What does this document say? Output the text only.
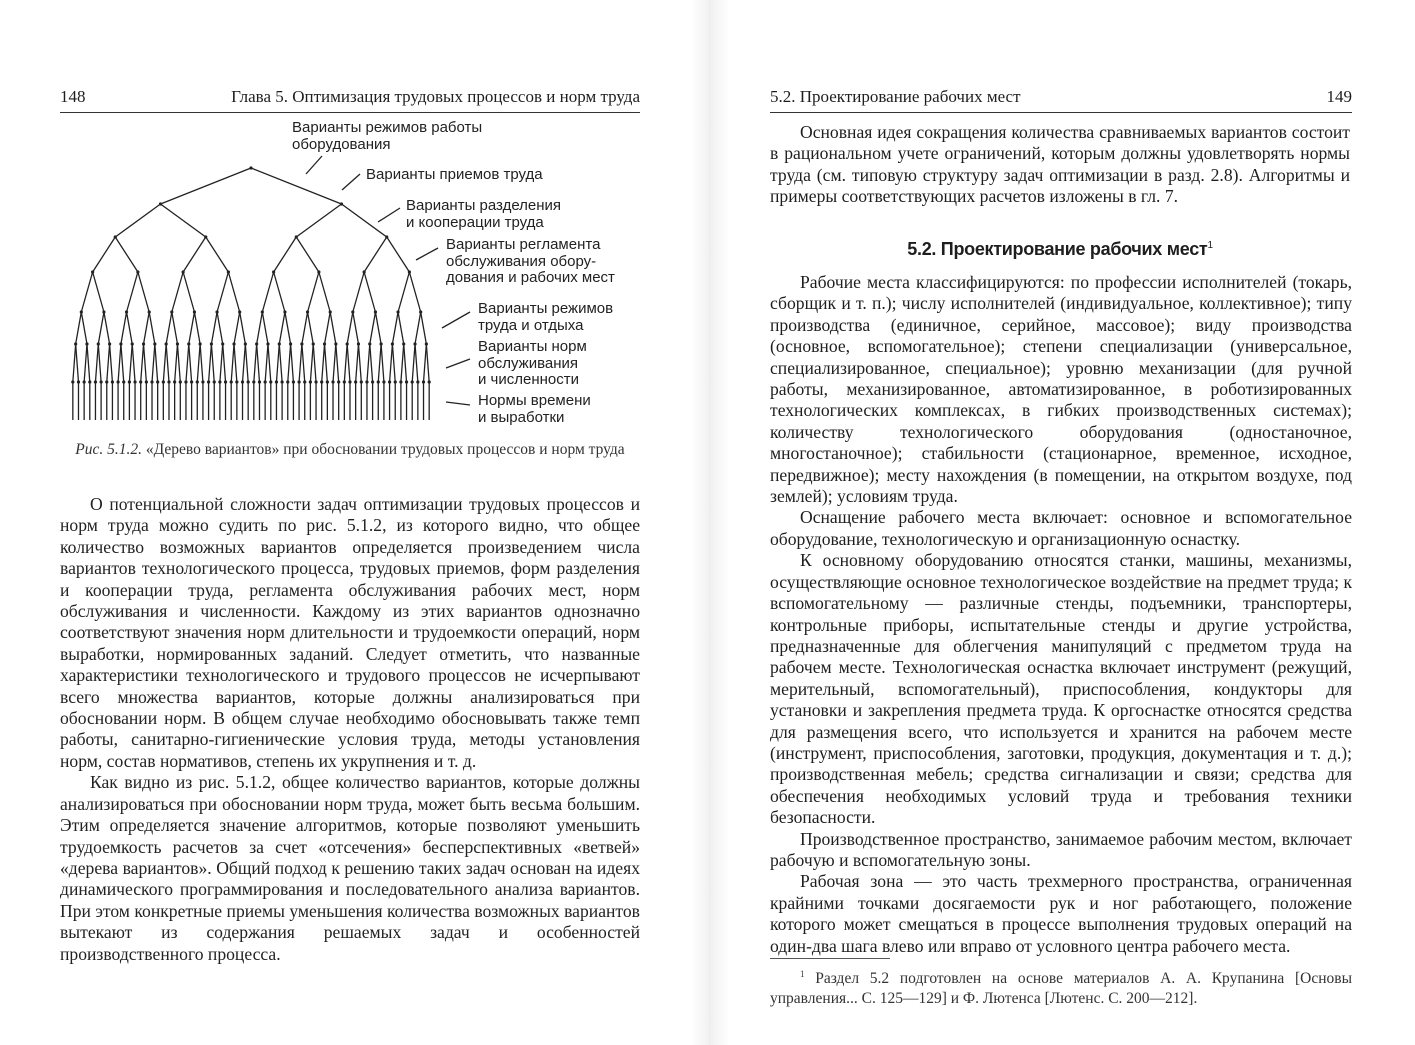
148	Глава 5. Оптимизация трудовых процессов и норм труда
Варианты режимов работы
оборудования
Варианты приемов труда
Варианты разделения
и кооперации труда
Варианты регламента
обслуживания обору-
дования и рабочих мест
Варианты режимов
труда и отдыха
Варианты норм
обслуживания
и численности
Нормы времени
и выработки
Рис. 5.1.2. «Дерево вариантов» при обосновании трудовых процессов и норм труда

О потенциальной сложности задач оптимизации трудовых процессов и норм труда можно судить по рис. 5.1.2, из которого видно, что общее количество возможных вариантов определяется произведением числа вариантов технологического процесса, трудовых приемов, форм разделения и кооперации труда, регламента обслуживания рабочих мест, норм обслуживания и численности. Каждому из этих вариантов однозначно соответствуют значения норм длительности и трудоемкости операций, норм выработки, нормированных заданий. Следует отметить, что названные характеристики технологического и трудового процессов не исчерпывают всего множества вариантов, которые должны анализироваться при обосновании норм. В общем случае необходимо обосновывать также темп работы, санитарно-гигиенические условия труда, методы установления норм, состав нормативов, степень их укрупнения и т. д.

Как видно из рис. 5.1.2, общее количество вариантов, которые должны анализироваться при обосновании норм труда, может быть весьма большим. Этим определяется значение алгоритмов, которые позволяют уменьшить трудоемкость расчетов за счет «отсечения» бесперспективных «ветвей» «дерева вариантов». Общий подход к решению таких задач основан на идеях динамического программирования и последовательного анализа вариантов. При этом конкретные приемы уменьшения количества возможных вариантов вытекают из содержания решаемых задач и особенностей производственного процесса.

5.2. Проектирование рабочих мест	149

Основная идея сокращения количества сравниваемых вариантов состоит в рациональном учете ограничений, которым должны удовлетворять нормы труда (см. типовую структуру задач оптимизации в разд. 2.8). Алгоритмы и примеры соответствующих расчетов изложены в гл. 7.

5.2. Проектирование рабочих мест$^1$

Рабочие места классифицируются: по профессии исполнителей (токарь, сборщик и т. п.); числу исполнителей (индивидуальное, коллективное); типу производства (единичное, серийное, массовое); виду производства (основное, вспомогательное); степени специализации (универсальное, специализированное, специальное); уровню механизации (для ручной работы, механизированное, автоматизированное, в роботизированных технологических комплексах, в гибких производственных системах); количеству технологического оборудования (одностаночное, многостаночное); стабильности (стационарное, временное, исходное, передвижное); месту нахождения (в помещении, на открытом воздухе, под землей); условиям труда.

Оснащение рабочего места включает: основное и вспомогательное оборудование, технологическую и организационную оснастку.

К основному оборудованию относятся станки, машины, механизмы, осуществляющие основное технологическое воздействие на предмет труда; к вспомогательному — различные стенды, подъемники, транспортеры, контрольные приборы, испытательные стенды и другие устройства, предназначенные для облегчения манипуляций с предметом труда на рабочем месте. Технологическая оснастка включает инструмент (режущий, мерительный, вспомогательный), приспособления, кондукторы для установки и закрепления предмета труда. К оргоснастке относятся средства для размещения всего, что используется и хранится на рабочем месте (инструмент, приспособления, заготовки, продукция, документация и т. д.); производственная мебель; средства сигнализации и связи; средства для обеспечения необходимых условий труда и требования техники безопасности.

Производственное пространство, занимаемое рабочим местом, включает рабочую и вспомогательную зоны.

Рабочая зона — это часть трехмерного пространства, ограниченная крайними точками досягаемости рук и ног работающего, положение которого может смещаться в процессе выполнения трудовых операций на один-два шага влево или вправо от условного центра рабочего места.

$^1$ Раздел 5.2 подготовлен на основе материалов А. А. Крупанина [Основы управления... С. 125—129] и Ф. Лютенса [Лютенс. С. 200—212].
